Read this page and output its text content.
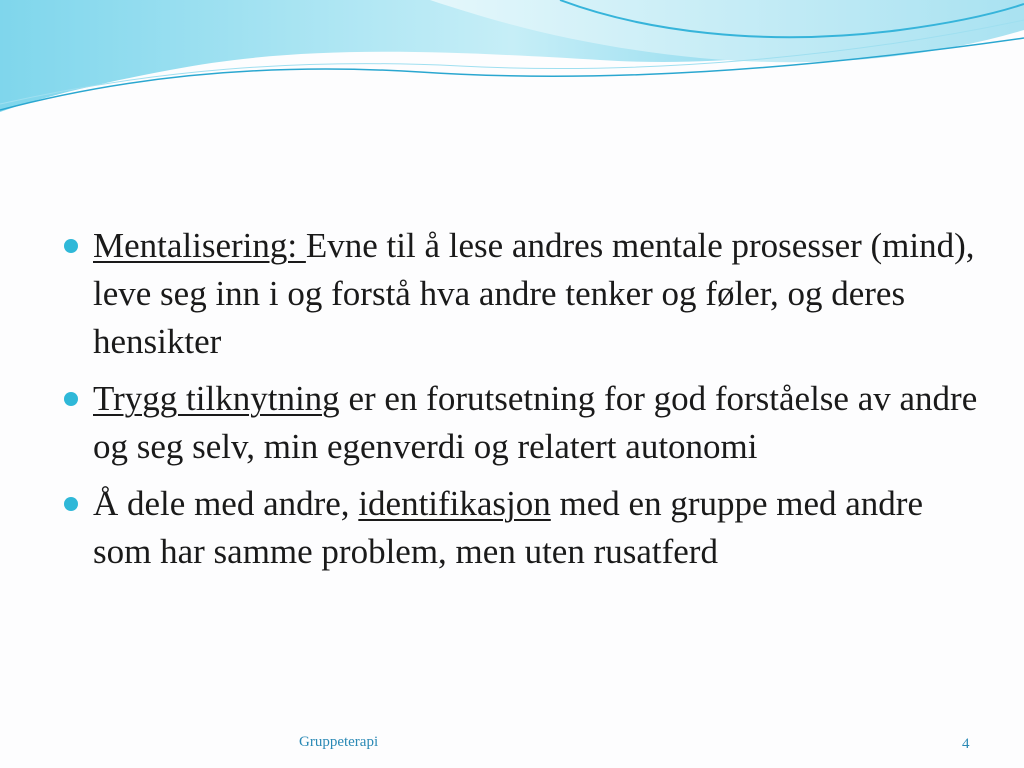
Mentalisering: Evne til å lese andres mentale prosesser (mind), leve seg inn i og forstå hva andre tenker og føler, og deres hensikter
Trygg tilknytning er en forutsetning for god forståelse av andre og seg selv, min egenverdi og relatert autonomi
Å dele med andre, identifikasjon med en gruppe med andre som har samme problem, men uten rusatferd
Gruppeterapi	4
